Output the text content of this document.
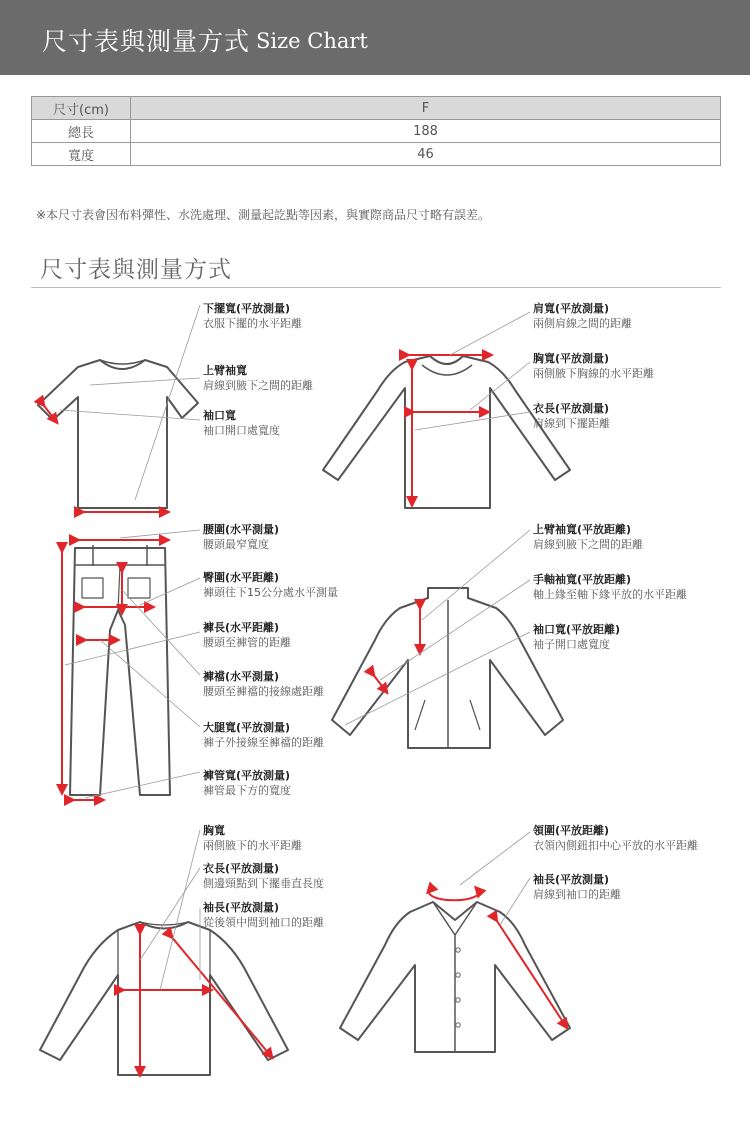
尺寸表與測量方式 Size Chart
尺寸(cm)	F
總長	188
寬度	46
※本尺寸表會因布料彈性、水洗處理、測量起訖點等因素，與實際商品尺寸略有誤差。
尺寸表與測量方式
下擺寬(平放測量)
衣服下擺的水平距離
上臂袖寬
肩線到腋下之間的距離
袖口寬
袖口開口處寬度
肩寬(平放測量)
兩側肩線之間的距離
胸寬(平放測量)
兩側腋下胸線的水平距離
衣長(平放測量)
肩線到下擺距離
腰圍(水平測量)
腰頭最窄寬度
臀圍(水平距離)
褲頭往下15公分處水平測量
褲長(水平距離)
腰頭至褲管的距離
褲襠(水平測量)
腰頭至褲襠的接線處距離
大腿寬(平放測量)
褲子外接線至褲襠的距離
褲管寬(平放測量)
褲管最下方的寬度
上臂袖寬(平放距離)
肩線到腋下之間的距離
手軸袖寬(平放距離)
軸上緣至軸下緣平放的水平距離
袖口寬(平放距離)
袖子開口處寬度
胸寬
兩側腋下的水平距離
衣長(平放測量)
側邊頸點到下擺垂直長度
袖長(平放測量)
從後領中間到袖口的距離
領圍(平放距離)
衣領內側鈕扣中心平放的水平距離
袖長(平放測量)
肩線到袖口的距離
